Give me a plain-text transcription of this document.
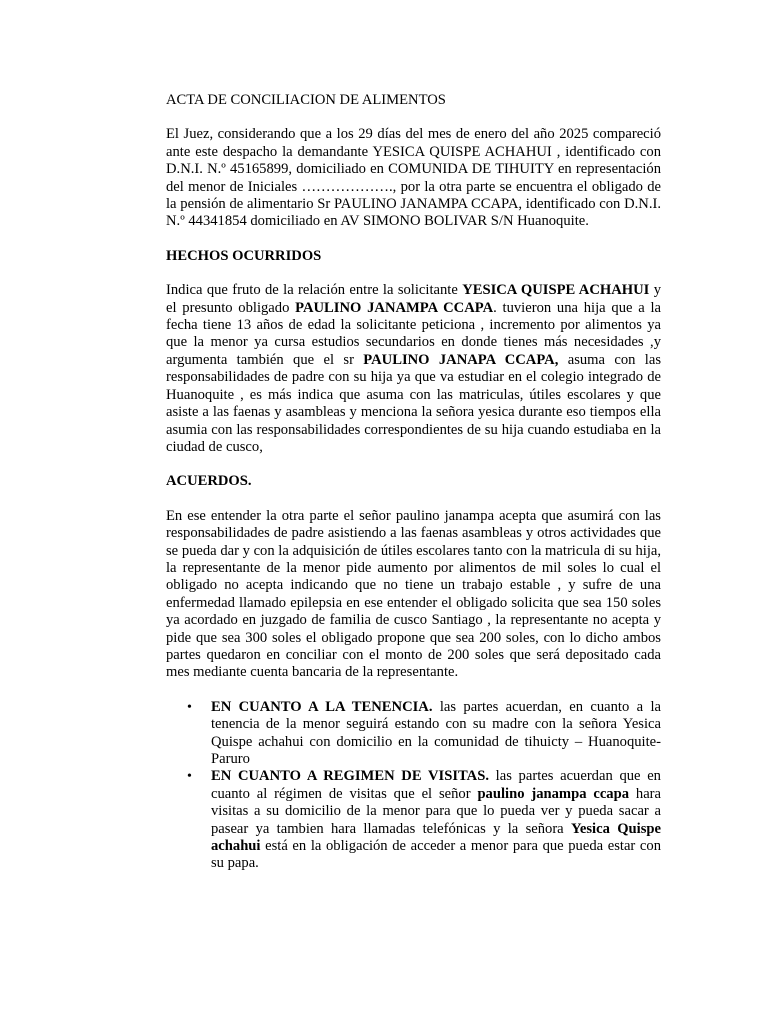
ACTA DE CONCILIACION DE ALIMENTOS

El Juez, considerando que a los 29 días del mes de enero del año 2025 compareció ante este despacho la demandante YESICA QUISPE ACHAHUI , identificado con D.N.I. N.º 45165899, domiciliado en COMUNIDA DE TIHUITY en representación del menor de Iniciales ………………., por la otra parte se encuentra el obligado de la pensión de alimentario Sr PAULINO JANAMPA CCAPA, identificado con D.N.I. N.º 44341854 domiciliado en AV SIMONO BOLIVAR S/N Huanoquite.

HECHOS OCURRIDOS

Indica que fruto de la relación entre la solicitante YESICA QUISPE ACHAHUI y el presunto obligado PAULINO JANAMPA CCAPA. tuvieron una hija que a la fecha tiene 13 años de edad la solicitante peticiona , incremento por alimentos ya que la menor ya cursa estudios secundarios en donde tienes más necesidades ,y argumenta también que el sr PAULINO JANAPA CCAPA, asuma con las responsabilidades de padre con su hija ya que va estudiar en el colegio integrado de Huanoquite , es más indica que asuma con las matriculas, útiles escolares y que asiste a las faenas y asambleas y menciona la señora yesica durante eso tiempos ella asumia con las responsabilidades correspondientes de su hija cuando estudiaba en la ciudad de cusco,

ACUERDOS.

En ese entender la otra parte el señor paulino janampa acepta que asumirá con las responsabilidades de padre asistiendo a las faenas asambleas y otros actividades que se pueda dar y con la adquisición de útiles escolares tanto con la matricula di su hija, la representante de la menor pide aumento por alimentos de mil soles lo cual el obligado no acepta indicando que no tiene un trabajo estable , y sufre de una enfermedad llamado epilepsia en ese entender el obligado solicita que sea 150 soles ya acordado en juzgado de familia de cusco Santiago , la representante no acepta y pide que sea 300 soles el obligado propone que sea 200 soles, con lo dicho ambos partes quedaron en conciliar con el monto de 200 soles que será depositado cada mes mediante cuenta bancaria de la representante.

• EN CUANTO A LA TENENCIA. las partes acuerdan, en cuanto a la tenencia de la menor seguirá estando con su madre con la señora Yesica Quispe achahui con domicilio en la comunidad de tihuicty – Huanoquite-Paruro
• EN CUANTO A REGIMEN DE VISITAS. las partes acuerdan que en cuanto al régimen de visitas que el señor paulino janampa ccapa hara visitas a su domicilio de la menor para que lo pueda ver y pueda sacar a pasear ya tambien hara llamadas telefónicas y la señora Yesica Quispe achahui está en la obligación de acceder a menor para que pueda estar con su papa.
